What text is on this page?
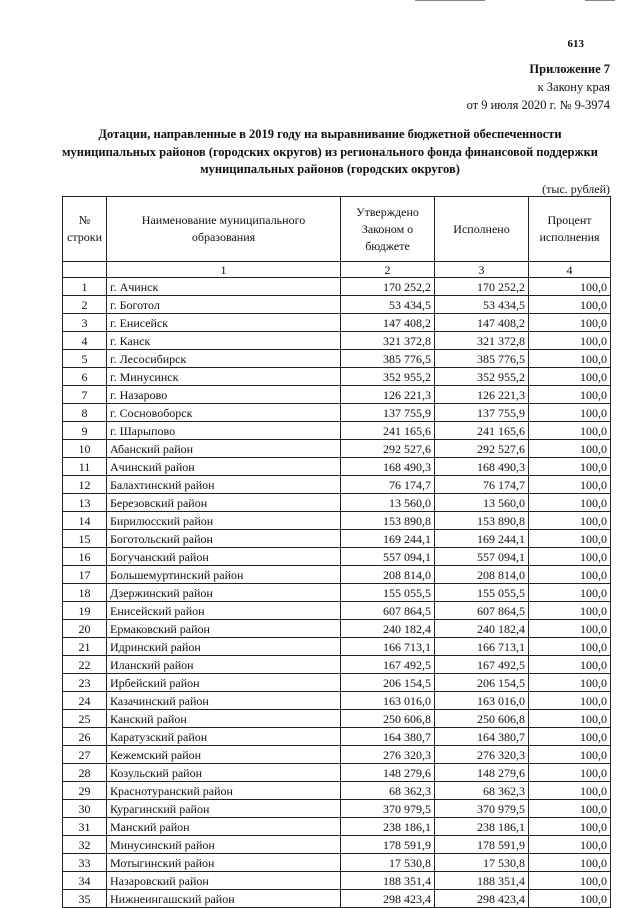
613
Приложение 7
к Закону края
от 9 июля 2020 г. № 9-3974
Дотации, направленные в 2019 году на выравнивание бюджетной обеспеченности муниципальных районов (городских округов) из регионального фонда финансовой поддержки муниципальных районов (городских округов)
(тыс. рублей)
№ строки	Наименование муниципального образования	Утверждено Законом о бюджете	Исполнено	Процент исполнения
	1	2	3	4
1	г. Ачинск	170 252,2	170 252,2	100,0
2	г. Боготол	53 434,5	53 434,5	100,0
3	г. Енисейск	147 408,2	147 408,2	100,0
4	г. Канск	321 372,8	321 372,8	100,0
5	г. Лесосибирск	385 776,5	385 776,5	100,0
6	г. Минусинск	352 955,2	352 955,2	100,0
7	г. Назарово	126 221,3	126 221,3	100,0
8	г. Сосновоборск	137 755,9	137 755,9	100,0
9	г. Шарыпово	241 165,6	241 165,6	100,0
10	Абанский район	292 527,6	292 527,6	100,0
11	Ачинский район	168 490,3	168 490,3	100,0
12	Балахтинский район	76 174,7	76 174,7	100,0
13	Березовский район	13 560,0	13 560,0	100,0
14	Бирилюсский район	153 890,8	153 890,8	100,0
15	Боготольский район	169 244,1	169 244,1	100,0
16	Богучанский район	557 094,1	557 094,1	100,0
17	Большемуртинский район	208 814,0	208 814,0	100,0
18	Дзержинский район	155 055,5	155 055,5	100,0
19	Енисейский район	607 864,5	607 864,5	100,0
20	Ермаковский район	240 182,4	240 182,4	100,0
21	Идринский район	166 713,1	166 713,1	100,0
22	Иланский район	167 492,5	167 492,5	100,0
23	Ирбейский район	206 154,5	206 154,5	100,0
24	Казачинский район	163 016,0	163 016,0	100,0
25	Канский район	250 606,8	250 606,8	100,0
26	Каратузский район	164 380,7	164 380,7	100,0
27	Кежемский район	276 320,3	276 320,3	100,0
28	Козульский район	148 279,6	148 279,6	100,0
29	Краснотуранский район	68 362,3	68 362,3	100,0
30	Курагинский район	370 979,5	370 979,5	100,0
31	Манский район	238 186,1	238 186,1	100,0
32	Минусинский район	178 591,9	178 591,9	100,0
33	Мотыгинский район	17 530,8	17 530,8	100,0
34	Назаровский район	188 351,4	188 351,4	100,0
35	Нижнеингашский район	298 423,4	298 423,4	100,0
